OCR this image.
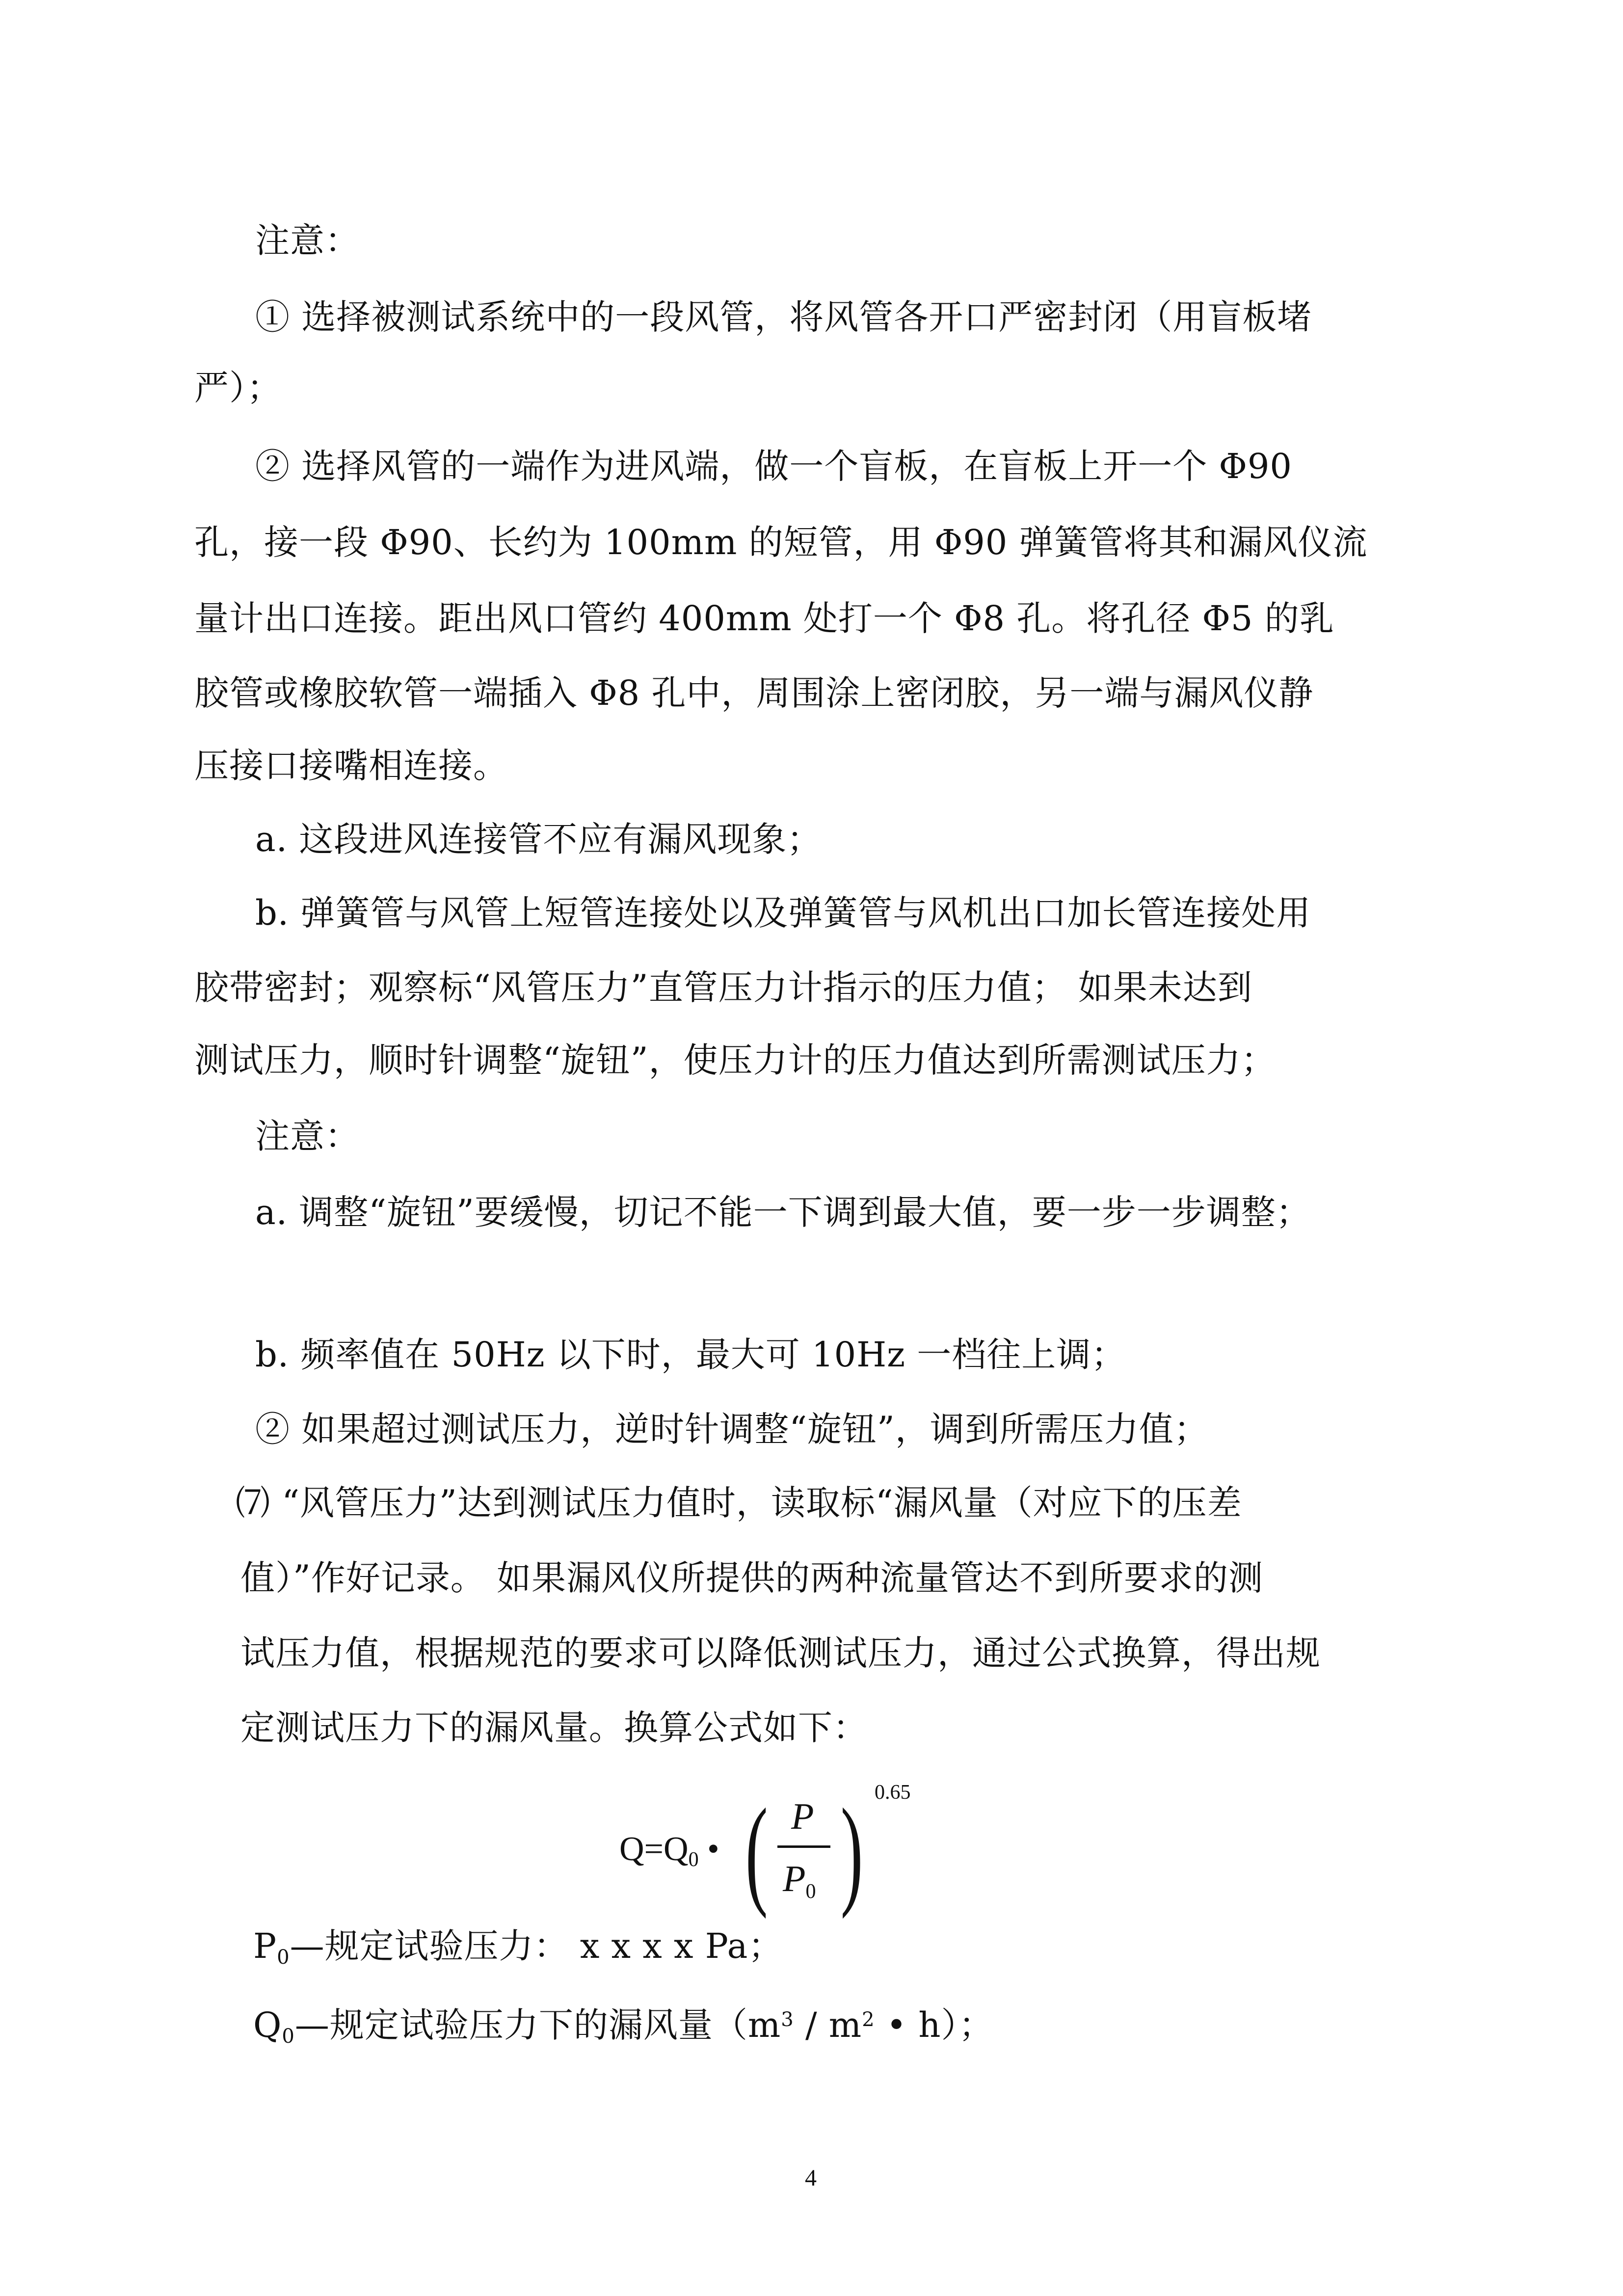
注意：
① 选择被测试系统中的一段风管，将风管各开口严密封闭（用盲板堵
严）；
② 选择风管的一端作为进风端，做一个盲板，在盲板上开一个 Φ90
孔，接一段 Φ90、长约为 100mm 的短管，用 Φ90 弹簧管将其和漏风仪流
量计出口连接。距出风口管约 400mm 处打一个 Φ8 孔。将孔径 Φ5 的乳
胶管或橡胶软管一端插入 Φ8 孔中，周围涂上密闭胶，另一端与漏风仪静
压接口接嘴相连接。
a. 这段进风连接管不应有漏风现象；
b. 弹簧管与风管上短管连接处以及弹簧管与风机出口加长管连接处用
胶带密封；观察标“风管压力”直管压力计指示的压力值； 如果未达到
测试压力，顺时针调整“旋钮”，使压力计的压力值达到所需测试压力；
注意：
a. 调整“旋钮”要缓慢，切记不能一下调到最大值，要一步一步调整；
b. 频率值在 50Hz 以下时，最大可 10Hz 一档往上调；
② 如果超过测试压力，逆时针调整“旋钮”，调到所需压力值；
⑺ “风管压力”达到测试压力值时，读取标“漏风量（对应下的压差
值）”作好记录。 如果漏风仪所提供的两种流量管达不到所要求的测
试压力值，根据规范的要求可以降低测试压力，通过公式换算，得出规
定测试压力下的漏风量。换算公式如下：
$Q=Q_0$ • ( P
$P_0$ ) 0.65
$P_0—$规定试验压力： x x x x Pa；
$Q_0—$规定试验压力下的漏风量（$m^3 / m^2$ • h）；
4
